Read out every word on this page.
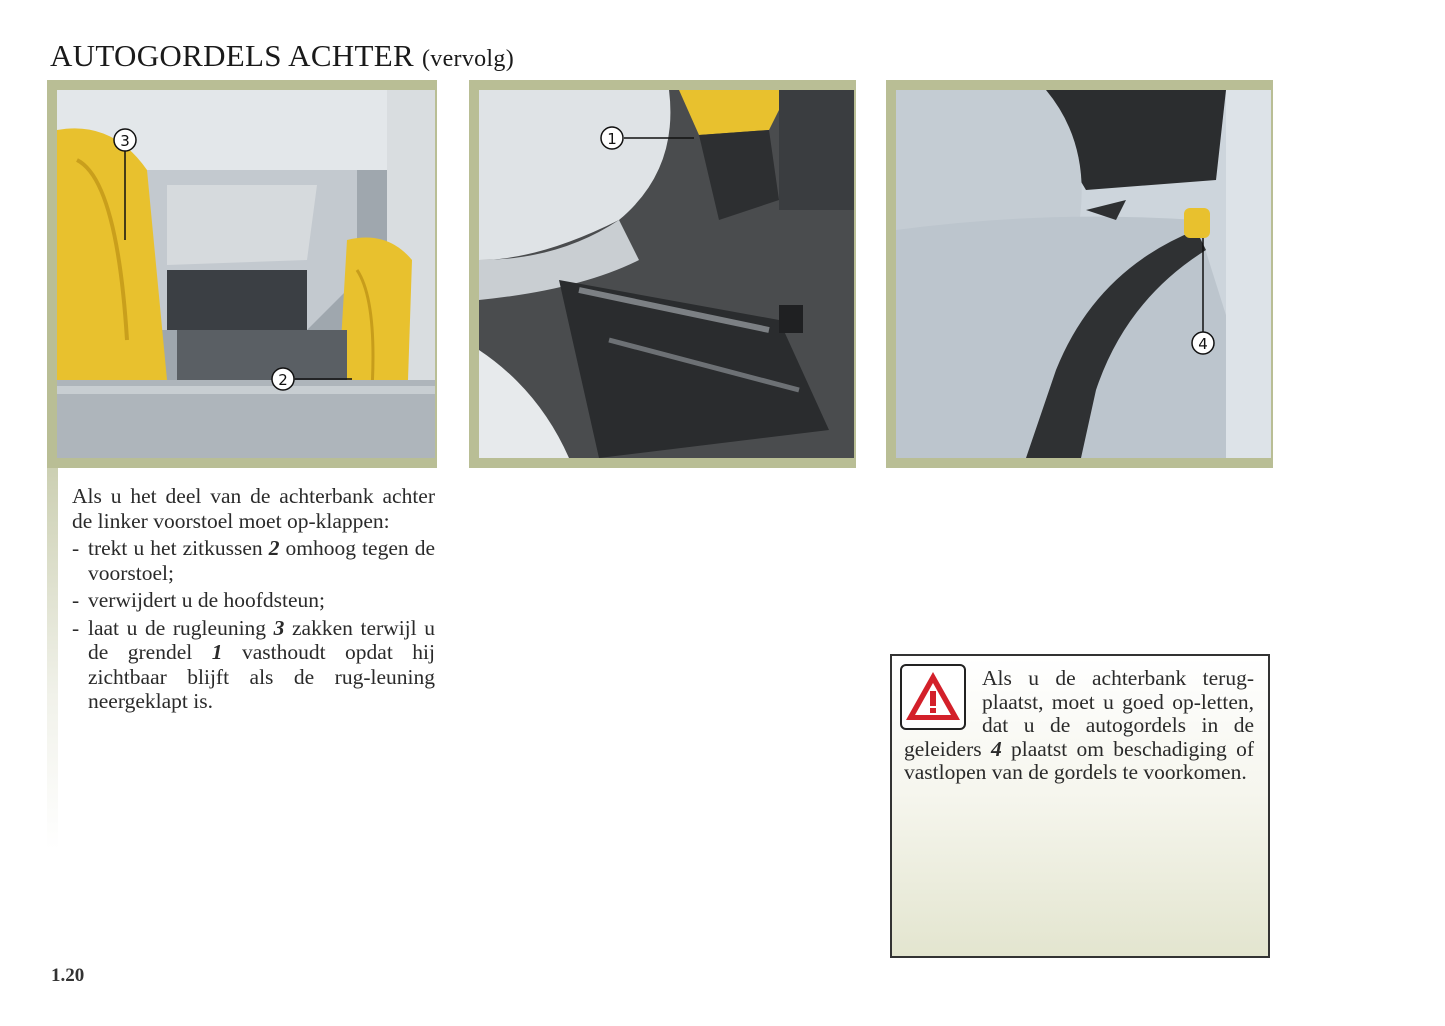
AUTOGORDELS ACHTER (vervolg)
3
2
1
4

Als u het deel van de achterbank achter de linker voorstoel moet op-klappen:

- trekt u het zitkussen 2 omhoog tegen de voorstoel;
- verwijdert u de hoofdsteun;
- laat u de rugleuning 3 zakken terwijl u de grendel 1 vasthoudt opdat hij zichtbaar blijft als de rug-leuning neergeklapt is.
Als u de achterbank terug-plaatst, moet u goed op-letten, dat u de autogordels in de geleiders 4 plaatst om beschadiging of vastlopen van de gordels te voorkomen.
1.20
